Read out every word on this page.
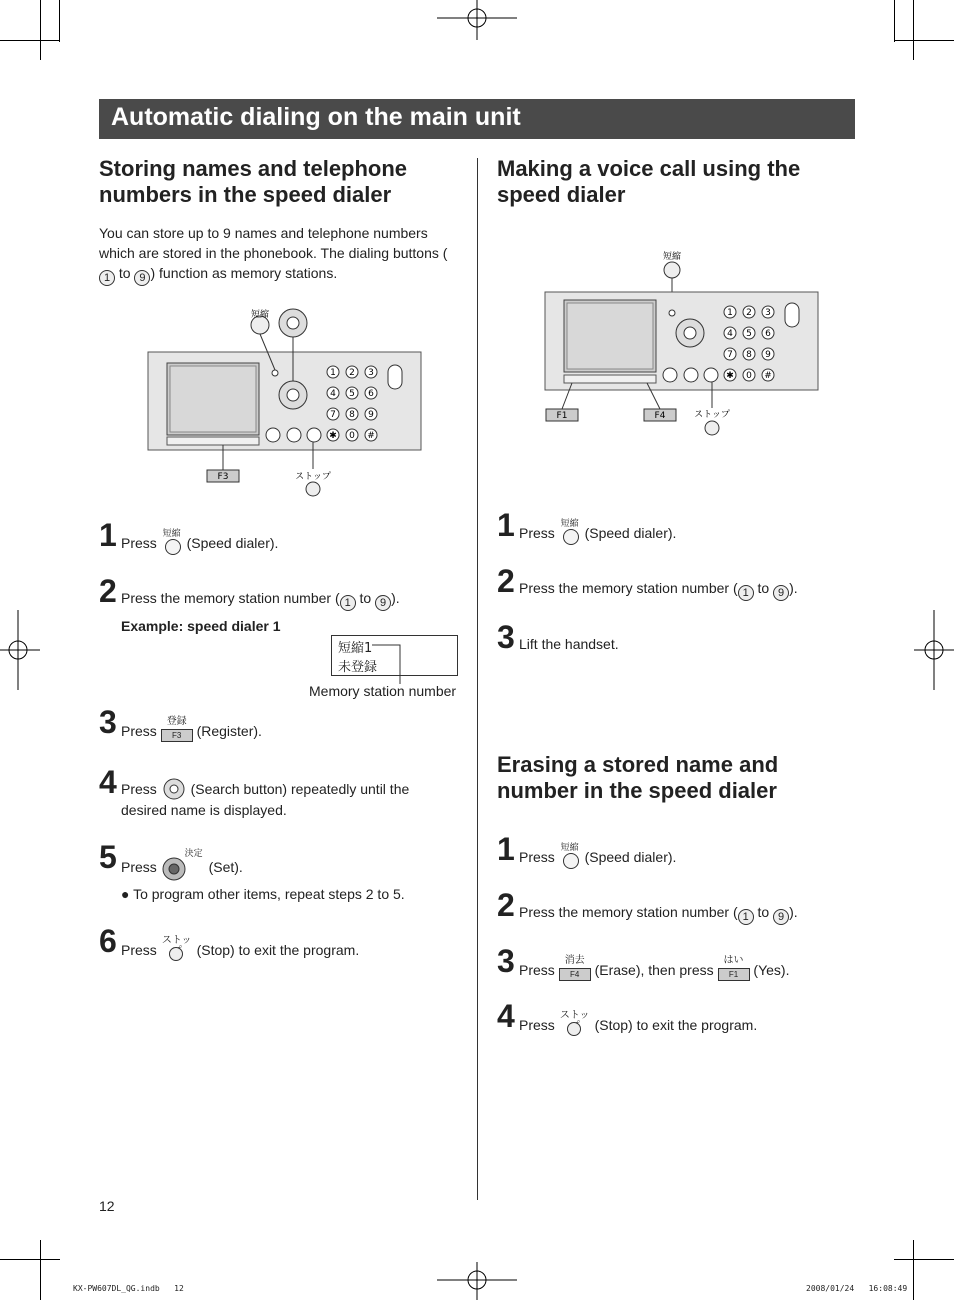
Automatic dialing on the main unit
Storing names and telephone numbers in the speed dialer
You can store up to 9 names and telephone numbers which are stored in the phonebook. The dialing buttons (1 to 9 ) function as memory stations.
短縮
1 2 3
4 5 6
7 8 9
✱ 0 #
F3	ストップ
1 Press
短縮
(Speed dialer).
2 Press the memory station number ( 1 to 9 ).
Example: speed dialer 1
短縮1
未登録
Memory station number
3 Press
登録
F3	(Register).
4 Press (Search button) repeatedly until the desired name is displayed.
5 Press
決定
(Set).
● To program other items, repeat steps 2 to 5.
6 Press
ストッ
(Stop) to exit the program.
Making a voice call using the speed dialer
短縮
1 2 3
4 5 6
7 8 9
✱ 0 #
F1	F4	ストップ
1 Press
短縮
(Speed dialer).
2 Press the memory station number ( 1 to 9 ).
3 Lift the handset.
Erasing a stored name and number in the speed dialer
1 Press
短縮
(Speed dialer).
2 Press the memory station number ( 1 to 9 ).
3 Press
消去
F4	(Erase), then press
はい
F1	(Yes).
4 Press
ストッ
(Stop) to exit the program.
12
KX-PW607DL_QG.indb   12	2008/01/24   16:08:49
